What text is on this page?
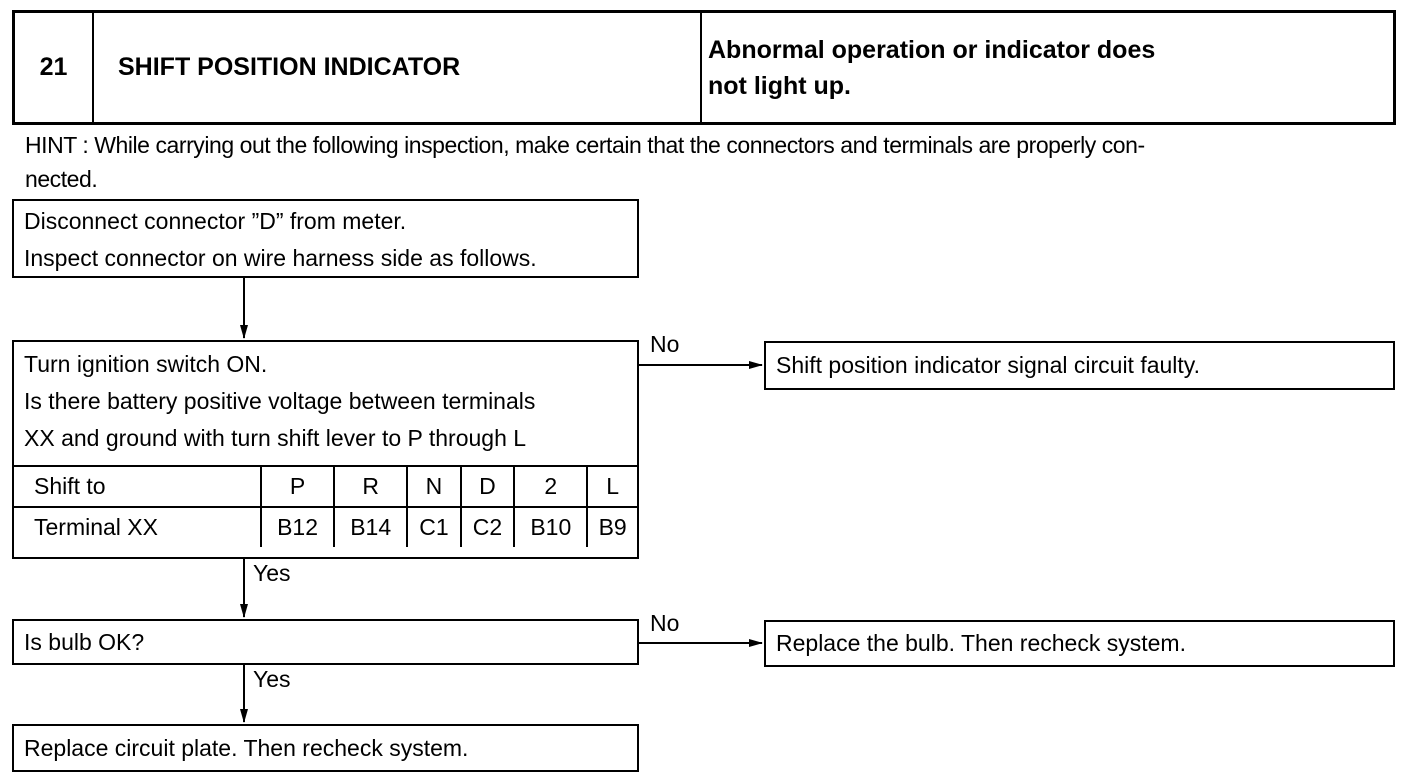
21	SHIFT POSITION INDICATOR
Abnormal operation or indicator does
not light up.
HINT : While carrying out the following inspection, make certain that the connectors and terminals are properly con-
nected.
Disconnect connector ”D” from meter.
Inspect connector on wire harness side as follows.
Turn ignition switch ON.
Is there battery positive voltage between terminals
XX and ground with turn shift lever to P through L
Shift to	P	R	N	D	2	L
Terminal XX	B12	B14	C1	C2	B10	B9
Is bulb OK?
Replace circuit plate. Then recheck system.
Shift position indicator signal circuit faulty.
Replace the bulb. Then recheck system.
No
No
Yes
Yes
